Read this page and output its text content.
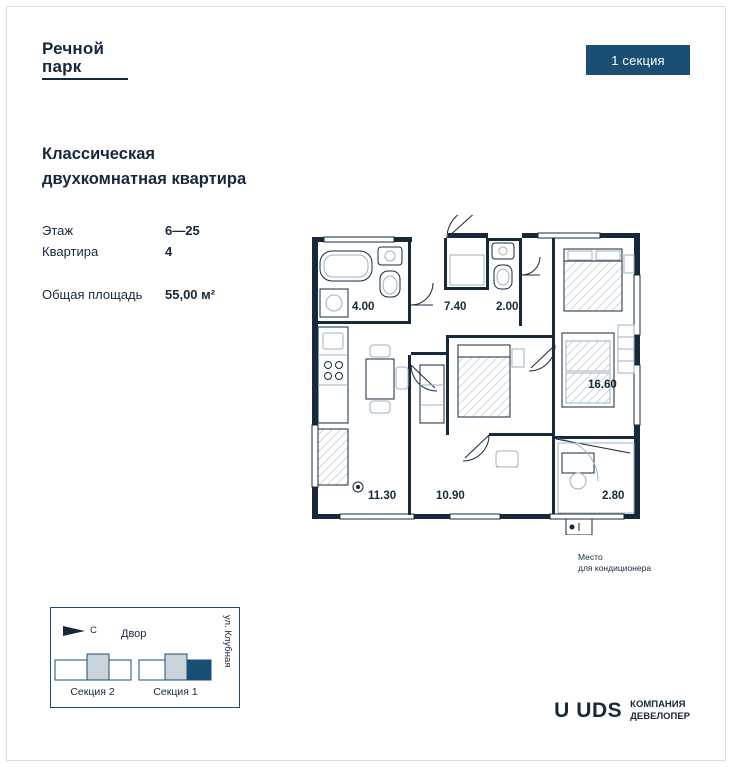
Речной
парк	1 секция
Классическая
двухкомнатная квартира
Этаж	6—25
Квартира	4
Общая площадь	55,00 м²
4.00	7.40	2.00
16.60
11.30	10.90	2.80
Место
для кондиционера
С Двор
Секция 2	Секция 1
ул. Клубная
U UDS КОМПАНИЯ
ДЕВЕЛОПЕР
